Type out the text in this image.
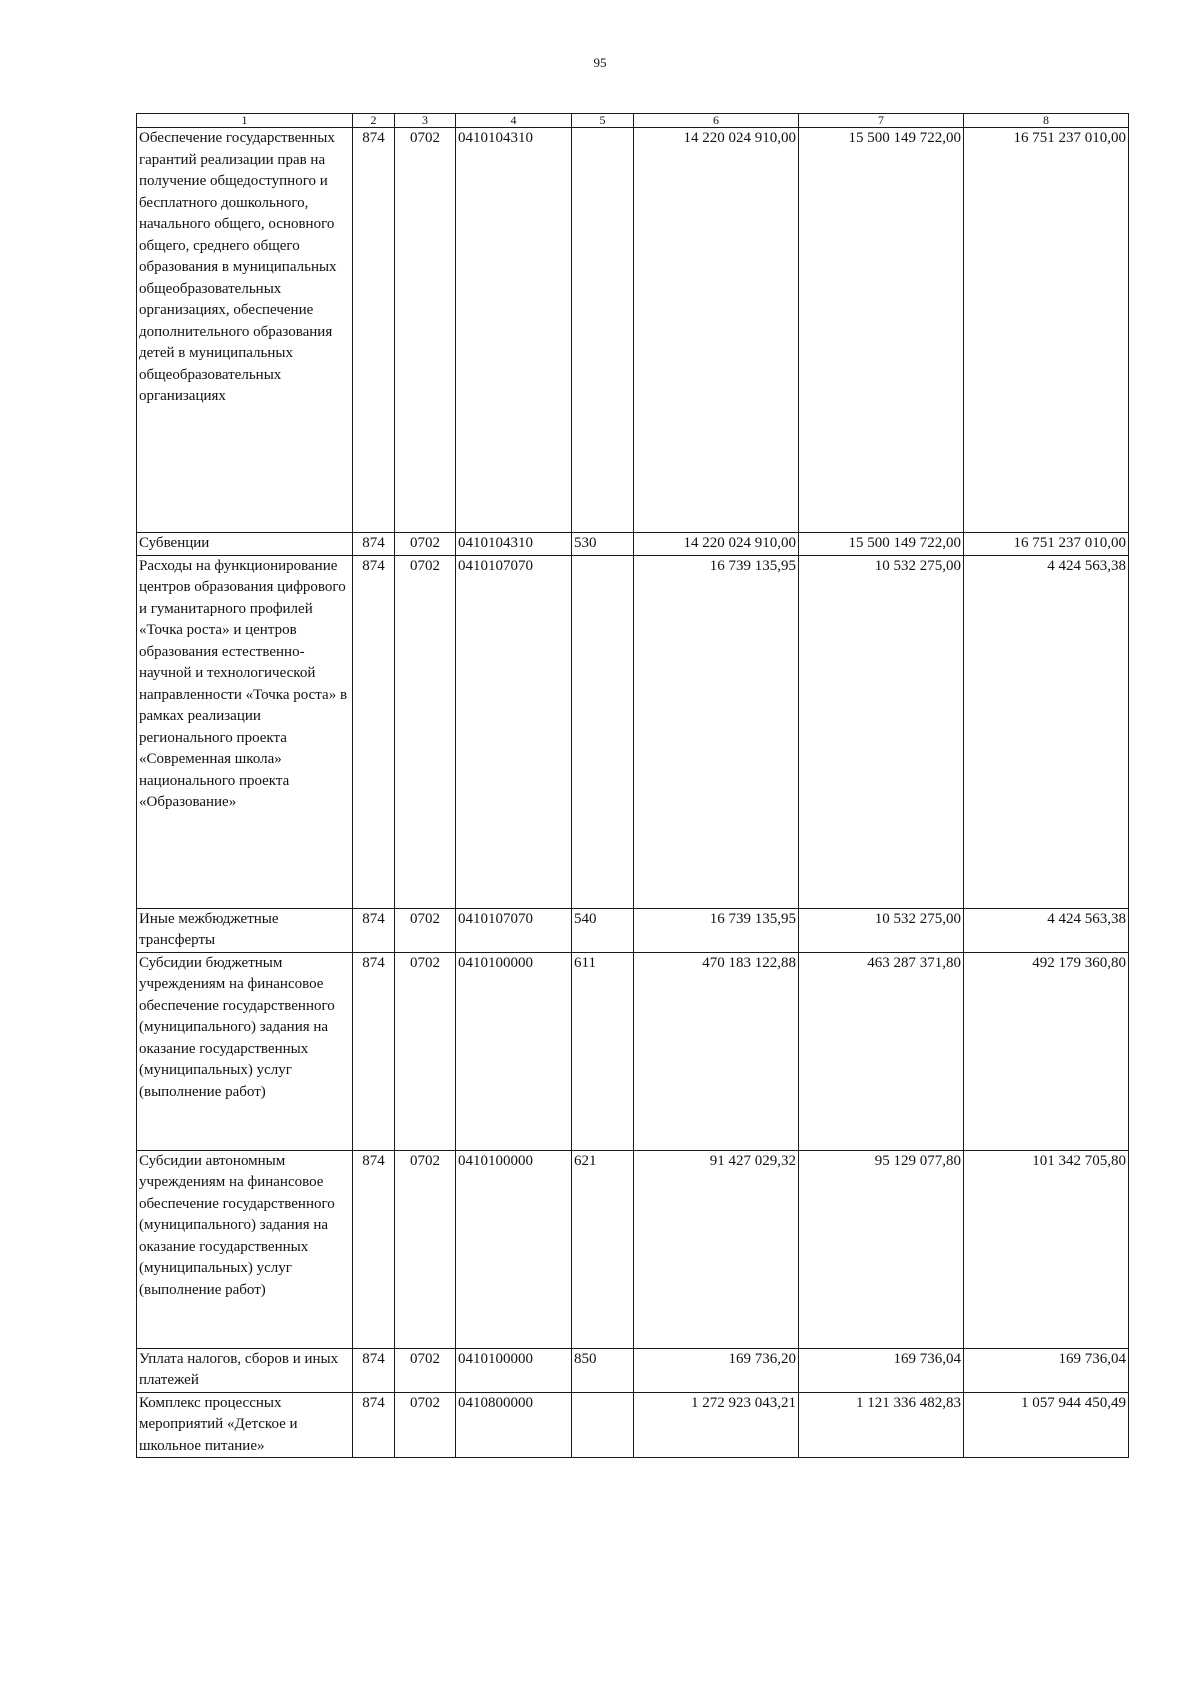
95
1	2	3	4	5	6	7	8
Обеспечение государственных гарантий реализации прав на получение общедоступного и бесплатного дошкольного, начального общего, основного общего, среднего общего образования в муниципальных общеобразовательных организациях, обеспечение дополнительного образования детей в муниципальных общеобразовательных организациях	874	0702	0410104310		14 220 024 910,00	15 500 149 722,00	16 751 237 010,00
Субвенции	874	0702	0410104310	530	14 220 024 910,00	15 500 149 722,00	16 751 237 010,00
Расходы на функционирование центров образования цифрового и гуманитарного профилей «Точка роста» и центров образования естественно-научной и технологической направленности «Точка роста» в рамках реализации регионального проекта «Современная школа» национального проекта «Образование»	874	0702	0410107070		16 739 135,95	10 532 275,00	4 424 563,38
Иные межбюджетные трансферты	874	0702	0410107070	540	16 739 135,95	10 532 275,00	4 424 563,38
Субсидии бюджетным учреждениям на финансовое обеспечение государственного (муниципального) задания на оказание государственных (муниципальных) услуг (выполнение работ)	874	0702	0410100000	611	470 183 122,88	463 287 371,80	492 179 360,80
Субсидии автономным учреждениям на финансовое обеспечение государственного (муниципального) задания на оказание государственных (муниципальных) услуг (выполнение работ)	874	0702	0410100000	621	91 427 029,32	95 129 077,80	101 342 705,80
Уплата налогов, сборов и иных платежей	874	0702	0410100000	850	169 736,20	169 736,04	169 736,04
Комплекс процессных мероприятий «Детское и школьное питание»	874	0702	0410800000		1 272 923 043,21	1 121 336 482,83	1 057 944 450,49
